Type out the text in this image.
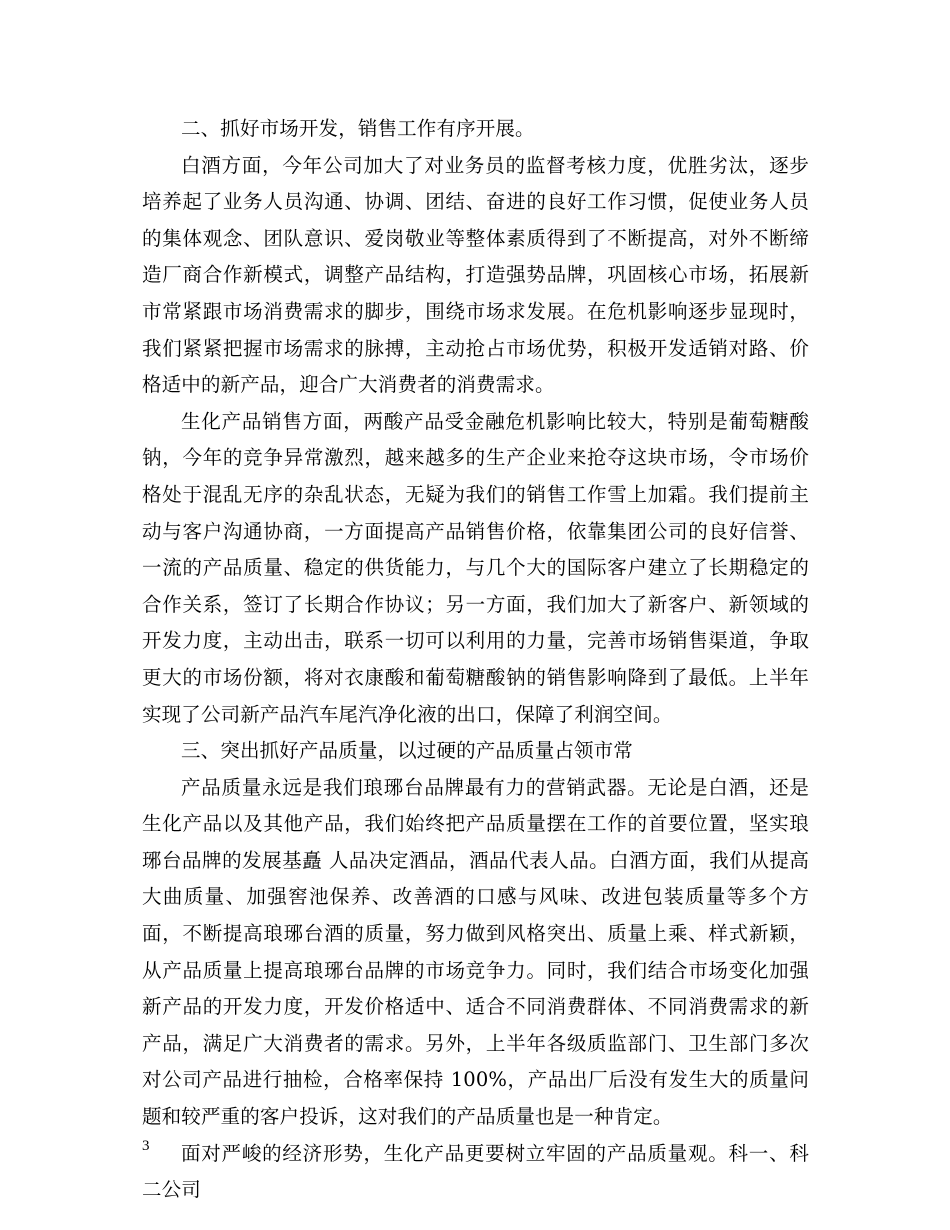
二、抓好市场开发，销售工作有序开展。

白酒方面，今年公司加大了对业务员的监督考核力度，优胜劣汰，逐步培养起了业务人员沟通、协调、团结、奋进的良好工作习惯，促使业务人员的集体观念、团队意识、爱岗敬业等整体素质得到了不断提高，对外不断缔造厂商合作新模式，调整产品结构，打造强势品牌，巩固核心市场，拓展新市常紧跟市场消费需求的脚步，围绕市场求发展。在危机影响逐步显现时，我们紧紧把握市场需求的脉搏，主动抢占市场优势，积极开发适销对路、价格适中的新产品，迎合广大消费者的消费需求。

生化产品销售方面，两酸产品受金融危机影响比较大，特别是葡萄糖酸钠，今年的竞争异常激烈，越来越多的生产企业来抢夺这块市场，令市场价格处于混乱无序的杂乱状态，无疑为我们的销售工作雪上加霜。我们提前主动与客户沟通协商，一方面提高产品销售价格，依靠集团公司的良好信誉、一流的产品质量、稳定的供货能力，与几个大的国际客户建立了长期稳定的合作关系，签订了长期合作协议；另一方面，我们加大了新客户、新领域的开发力度，主动出击，联系一切可以利用的力量，完善市场销售渠道，争取更大的市场份额，将对衣康酸和葡萄糖酸钠的销售影响降到了最低。上半年实现了公司新产品汽车尾汽净化液的出口，保障了利润空间。

三、突出抓好产品质量，以过硬的产品质量占领市常

产品质量永远是我们琅琊台品牌最有力的营销武器。无论是白酒，还是生化产品以及其他产品，我们始终把产品质量摆在工作的首要位置，坚实琅琊台品牌的发展基矗 人品决定酒品，酒品代表人品。白酒方面，我们从提高大曲质量、加强窖池保养、改善酒的口感与风味、改进包装质量等多个方面，不断提高琅琊台酒的质量，努力做到风格突出、质量上乘、样式新颖，从产品质量上提高琅琊台品牌的市场竞争力。同时，我们结合市场变化加强新产品的开发力度，开发价格适中、适合不同消费群体、不同消费需求的新产品，满足广大消费者的需求。另外，上半年各级质监部门、卫生部门多次对公司产品进行抽检，合格率保持 100%，产品出厂后没有发生大的质量问题和较严重的客户投诉，这对我们的产品质量也是一种肯定。

面对严峻的经济形势，生化产品更要树立牢固的产品质量观。科一、科二公司

3
